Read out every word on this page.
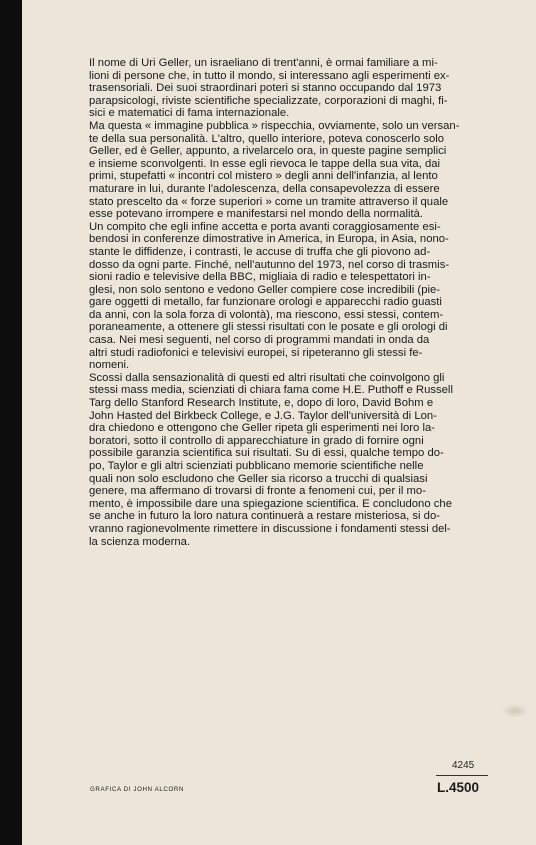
Il nome di Uri Geller, un israeliano di trent'anni, è ormai familiare a mi-
lioni di persone che, in tutto il mondo, si interessano agli esperimenti ex-
trasensoriali. Dei suoi straordinari poteri si stanno occupando dal 1973
parapsicologi, riviste scientifiche specializzate, corporazioni di maghi, fi-
sici e matematici di fama internazionale.

Ma questa « immagine pubblica » rispecchia, ovviamente, solo un versan-
te della sua personalità. L'altro, quello interiore, poteva conoscerlo solo
Geller, ed è Geller, appunto, a rivelarcelo ora, in queste pagine semplici
e insieme sconvolgenti. In esse egli rievoca le tappe della sua vita, dai
primi, stupefatti « incontri col mistero » degli anni dell'infanzia, al lento
maturare in lui, durante l'adolescenza, della consapevolezza di essere
stato prescelto da « forze superiori » come un tramite attraverso il quale
esse potevano irrompere e manifestarsi nel mondo della normalità.

Un compito che egli infine accetta e porta avanti coraggiosamente esi-
bendosi in conferenze dimostrative in America, in Europa, in Asia, nono-
stante le diffidenze, i contrasti, le accuse di truffa che gli piovono ad-
dosso da ogni parte. Finché, nell'autunno del 1973, nel corso di trasmis-
sioni radio e televisive della BBC, migliaia di radio e telespettatori in-
glesi, non solo sentono e vedono Geller compiere cose incredibili (pie-
gare oggetti di metallo, far funzionare orologi e apparecchi radio guasti
da anni, con la sola forza di volontà), ma riescono, essi stessi, contem-
poraneamente, a ottenere gli stessi risultati con le posate e gli orologi di
casa. Nei mesi seguenti, nel corso di programmi mandati in onda da
altri studi radiofonici e televisivi europei, si ripeteranno gli stessi fe-
nomeni.

Scossi dalla sensazionalità di questi ed altri risultati che coinvolgono gli
stessi mass media, scienziati di chiara fama come H.E. Puthoff e Russell
Targ dello Stanford Research Institute, e, dopo di loro, David Bohm e
John Hasted del Birkbeck College, e J.G. Taylor dell'università di Lon-
dra chiedono e ottengono che Geller ripeta gli esperimenti nei loro la-
boratori, sotto il controllo di apparecchiature in grado di fornire ogni
possibile garanzia scientifica sui risultati. Su di essi, qualche tempo do-
po, Taylor e gli altri scienziati pubblicano memorie scientifiche nelle
quali non solo escludono che Geller sia ricorso a trucchi di qualsiasi
genere, ma affermano di trovarsi di fronte a fenomeni cui, per il mo-
mento, è impossibile dare una spiegazione scientifica. E concludono che
se anche in futuro la loro natura continuerà a restare misteriosa, si do-
vranno ragionevolmente rimettere in discussione i fondamenti stessi del-
la scienza moderna.

GRAFICA DI JOHN ALCORN
4245
L.4500
